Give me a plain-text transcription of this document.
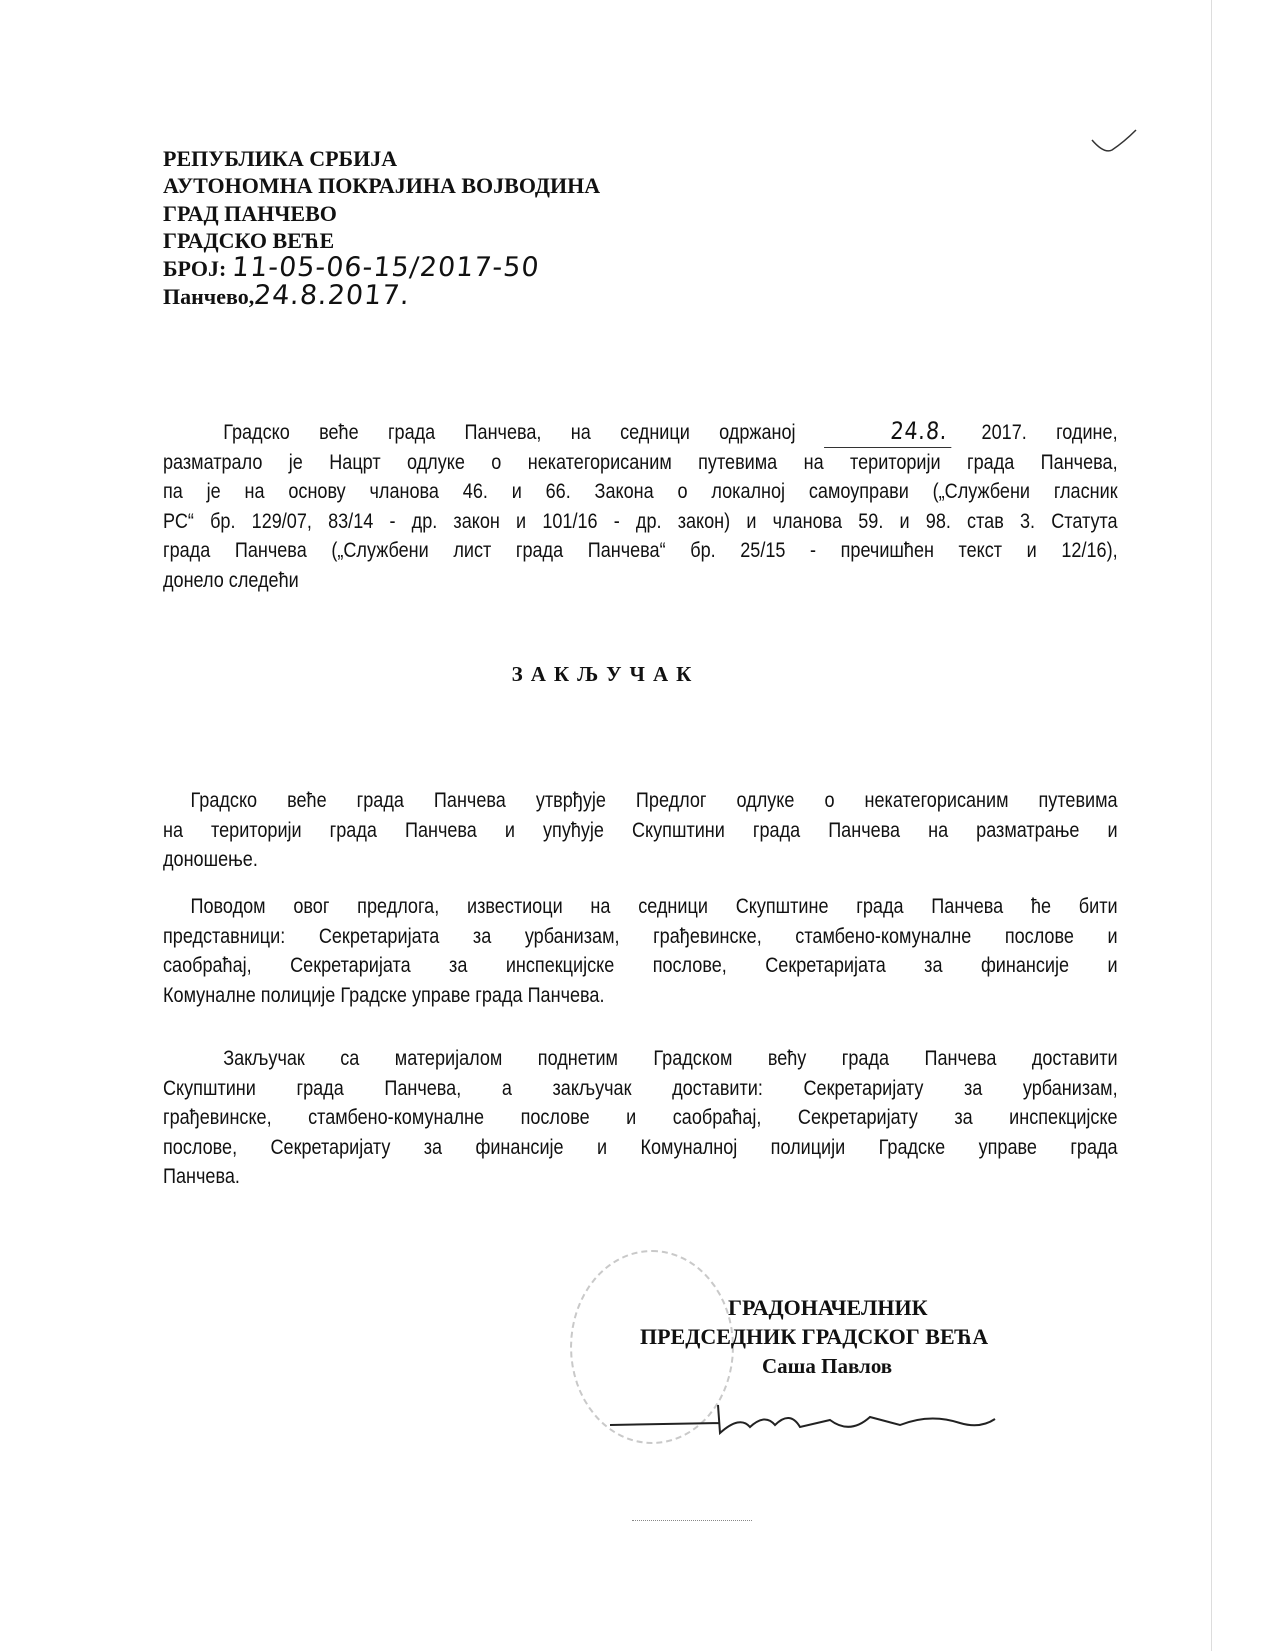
РЕПУБЛИКА СРБИЈА
АУТОНОМНА ПОКРАЈИНА ВОЈВОДИНА
ГРАД ПАНЧЕВО
ГРАДСКО ВЕЋЕ
БРОЈ: 11-05-06-15/2017-50
Панчево,24.8.2017.
Градско веће града Панчева, на седници одржаној	24.8. 2017. године,
разматрало је Нацрт одлуке о некатегорисаним путевима на територији града Панчева,
па је на основу чланова 46. и 66. Закона о локалној самоуправи („Службени гласник
РС“ бр. 129/07, 83/14 - др. закон и 101/16 - др. закон) и чланова 59. и 98. став 3. Статута
града Панчева („Службени лист града Панчева“ бр. 25/15 - пречишћен текст и 12/16),
донело следећи
ЗАКЉУЧАК
Градско веће града Панчева утврђује Предлог одлуке о некатегорисаним путевима
на територији града Панчева и упућује Скупштини града Панчева на разматрање и
доношење.
Поводом овог предлога, известиоци на седници Скупштине града Панчева ће бити
представници: Секретаријата за урбанизам, грађевинске, стамбено-комуналне послове и
саобраћај, Секретаријата за инспекцијске послове, Секретаријата за финансије и
Комуналне полиције Градске управе града Панчева.
Закључак са материјалом поднетим Градском већу града Панчева доставити
Скупштини града Панчева, а закључак доставити: Секретаријату за урбанизам,
грађевинске, стамбено-комуналне послове и саобраћај, Секретаријату за инспекцијске
послове, Секретаријату за финансије и Комуналној полицији Градске управе града
Панчева.
ГРАДОНАЧЕЛНИК
ПРЕДСЕДНИК ГРАДСКОГ ВЕЋА
Саша Павлов
